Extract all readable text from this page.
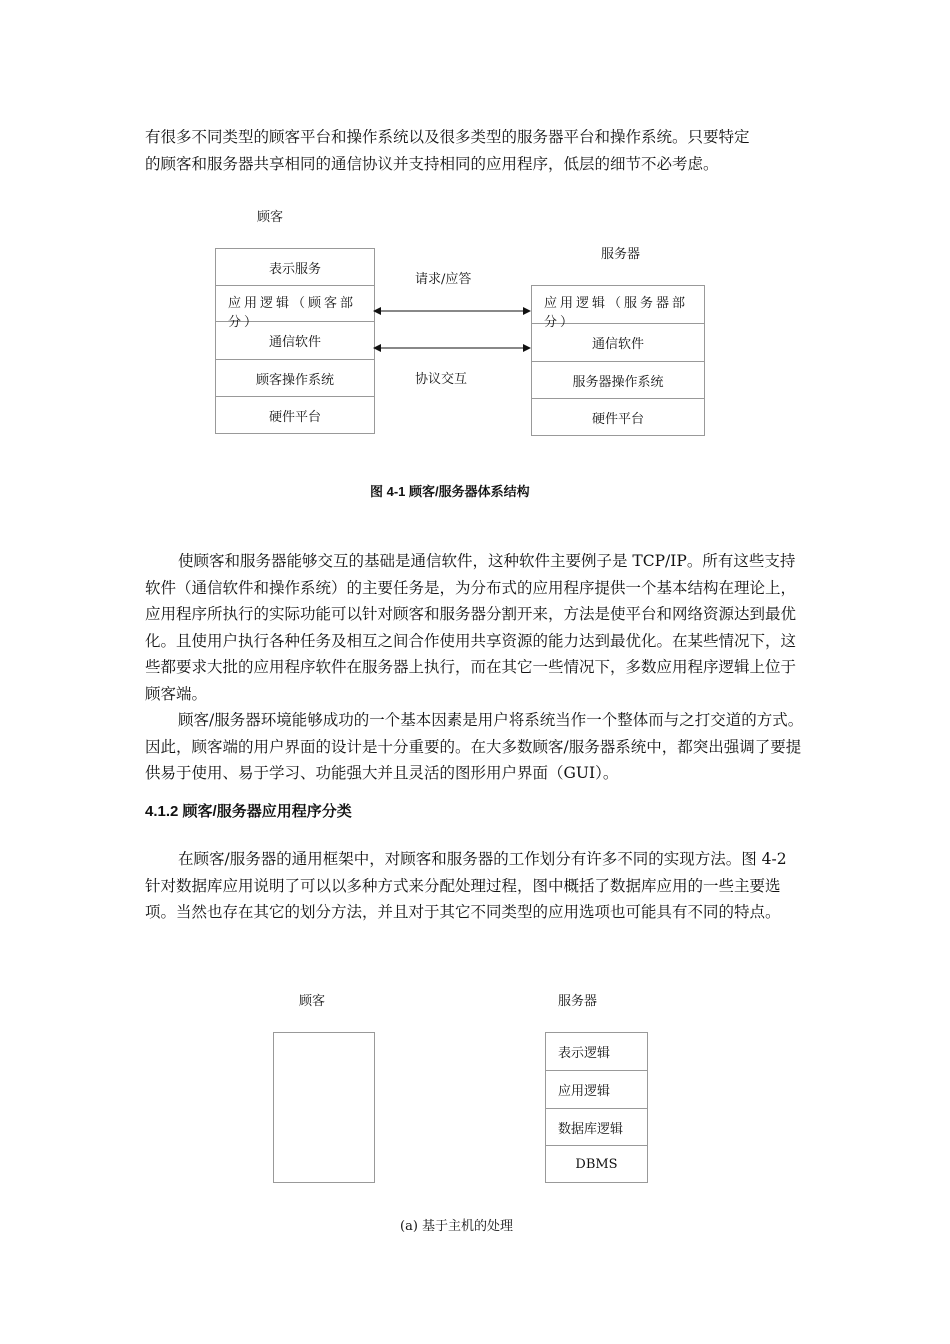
有很多不同类型的顾客平台和操作系统以及很多类型的服务器平台和操作系统。只要特定

的顾客和服务器共享相同的通信协议并支持相同的应用程序，低层的细节不必考虑。

顾客
服务器
表示服务
应用逻辑（顾客部分）
通信软件
顾客操作系统
硬件平台
应用逻辑（服务器部分）
通信软件
服务器操作系统
硬件平台
请求/应答
协议交互
图 4-1 顾客/服务器体系结构

使顾客和服务器能够交互的基础是通信软件，这种软件主要例子是 TCP/IP。所有这些支持软件（通信软件和操作系统）的主要任务是，为分布式的应用程序提供一个基本结构在理论上，应用程序所执行的实际功能可以针对顾客和服务器分割开来，方法是使平台和网络资源达到最优化。且使用户执行各种任务及相互之间合作使用共享资源的能力达到最优化。在某些情况下，这些都要求大批的应用程序软件在服务器上执行，而在其它一些情况下，多数应用程序逻辑上位于顾客端。

顾客/服务器环境能够成功的一个基本因素是用户将系统当作一个整体而与之打交道的方式。因此，顾客端的用户界面的设计是十分重要的。在大多数顾客/服务器系统中，都突出强调了要提供易于使用、易于学习、功能强大并且灵活的图形用户界面（GUI）。

4.1.2 顾客/服务器应用程序分类

在顾客/服务器的通用框架中，对顾客和服务器的工作划分有许多不同的实现方法。图 4-2 针对数据库应用说明了可以以多种方式来分配处理过程，图中概括了数据库应用的一些主要选项。当然也存在其它的划分方法，并且对于其它不同类型的应用选项也可能具有不同的特点。

顾客	服务器
表示逻辑
应用逻辑
数据库逻辑
DBMS
(a) 基于主机的处理
